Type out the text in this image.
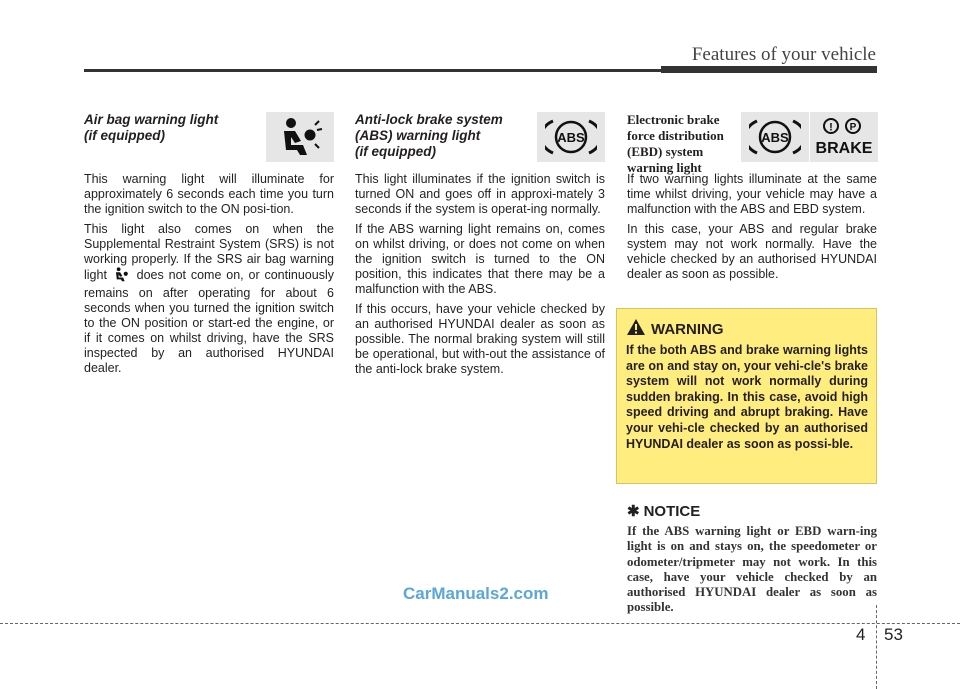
Features of your vehicle
Air bag warning light
(if equipped)

This warning light will illuminate for approximately 6 seconds each time you turn the ignition switch to the ON posi-tion.

This light also comes on when the Supplemental Restraint System (SRS) is not working properly. If the SRS air bag warning light does not come on, or continuously remains on after operating for about 6 seconds when you turned the ignition switch to the ON position or start-ed the engine, or if it comes on whilst driving, have the SRS inspected by an authorised HYUNDAI dealer.

Anti-lock brake system
(ABS) warning light
(if equipped)
ABS

This light illuminates if the ignition switch is turned ON and goes off in approxi-mately 3 seconds if the system is operat-ing normally.

If the ABS warning light remains on, comes on whilst driving, or does not come on when the ignition switch is turned to the ON position, this indicates that there may be a malfunction with the ABS.

If this occurs, have your vehicle checked by an authorised HYUNDAI dealer as soon as possible. The normal braking system will still be operational, but with-out the assistance of the anti-lock brake system.

Electronic brake
force distribution
(EBD) system
warning light
ABS
! P
BRAKE

If two warning lights illuminate at the same time whilst driving, your vehicle may have a malfunction with the ABS and EBD system.

In this case, your ABS and regular brake system may not work normally. Have the vehicle checked by an authorised HYUNDAI dealer as soon as possible.

WARNING
If the both ABS and brake warning lights are on and stay on, your vehi-cle's brake system will not work normally during sudden braking. In this case, avoid high speed driving and abrupt braking. Have your vehi-cle checked by an authorised HYUNDAI dealer as soon as possi-ble.
✱ NOTICE
If the ABS warning light or EBD warn-ing light is on and stays on, the speedometer or odometer/tripmeter may not work. In this case, have your vehicle checked by an authorised HYUNDAI dealer as soon as possible.
CarManuals2.com
4 53
